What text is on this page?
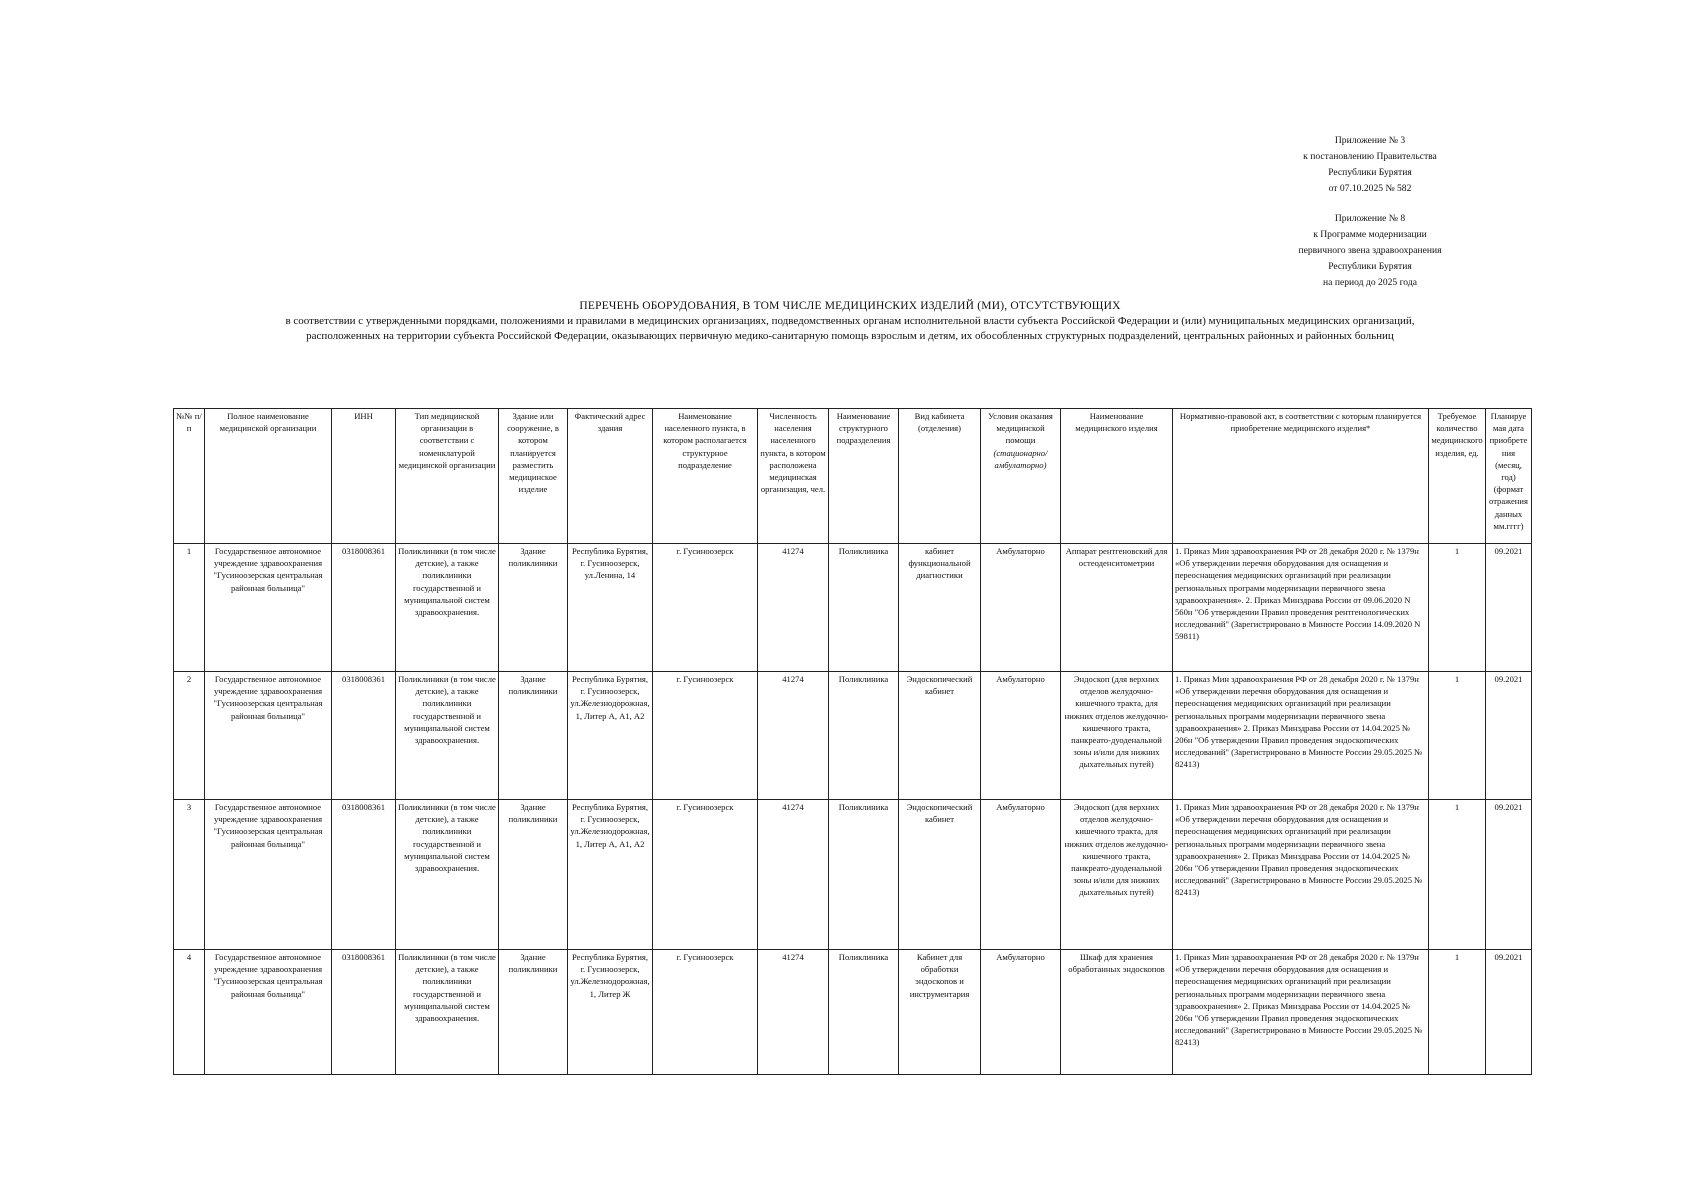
Приложение № 3
к постановлению Правительства
Республики Бурятия
от 07.10.2025 № 582
Приложение № 8
к Программе модернизации
первичного звена здравоохранения
Республики Бурятия
на период до 2025 года
ПЕРЕЧЕНЬ ОБОРУДОВАНИЯ, В ТОМ ЧИСЛЕ МЕДИЦИНСКИХ ИЗДЕЛИЙ (МИ), ОТСУТСТВУЮЩИХ
в соответствии с утвержденными порядками, положениями и правилами в медицинских организациях, подведомственных органам исполнительной власти субъекта Российской Федерации и (или) муниципальных медицинских организаций,
расположенных на территории субъекта Российской Федерации, оказывающих первичную медико-санитарную помощь взрослым и детям, их обособленных структурных подразделений, центральных районных и районных больниц
№№ п/п	Полное наименование медицинской организации	ИНН	Тип медицинской организации в соответствии с номенклатурой медицинской организации	Здание или сооружение, в котором планируется разместить медицинское изделие	Фактический адрес здания	Наименование населенного пункта, в котором располагается структурное подразделение	Численность населения населенного пункта, в котором расположена медицинская организация, чел.	Наименование структурного подразделения	Вид кабинета (отделения)	Условия оказания медицинской помощи (стационарно/амбулаторно)	Наименование медицинского изделия	Нормативно-правовой акт, в соответствии с которым планируется приобретение медицинского изделия*	Требуемое количество медицинского изделия, ед.	Планируемая дата приобретения (месяц, год) (формат отражения данных мм.гггг)
1	Государственное автономное учреждение здравоохранения "Гусиноозерская центральная районная больница"	0318008361	Поликлиники (в том числе детские), а также поликлиники государственной и муниципальной систем здравоохранения.	Здание поликлиники	Республика Бурятия, г. Гусиноозерск, ул.Ленина, 14	г. Гусиноозерск	41274	Поликлиника	кабинет функциональной диагностики	Амбулаторно	Аппарат рентгеновский для остеоденситометрии	1. Приказ Мин здравоохранения РФ от 28 декабря 2020 г. № 1379н «Об утверждении перечня оборудования для оснащения и переоснащения медицинских организаций при реализации региональных программ модернизации первичного звена здравоохранения». 2. Приказ Минздрава России от 09.06.2020 N 560н "Об утверждении Правил проведения рентгенологических исследований" (Зарегистрировано в Минюсте России 14.09.2020 N 59811)	1	09.2021
2	Государственное автономное учреждение здравоохранения "Гусиноозерская центральная районная больница"	0318008361	Поликлиники (в том числе детские), а также поликлиники государственной и муниципальной систем здравоохранения.	Здание поликлиники	Республика Бурятия, г. Гусиноозерск, ул.Железнодорожная, 1, Литер А, А1, А2	г. Гусиноозерск	41274	Поликлиника	Эндоскопический кабинет	Амбулаторно	Эндоскоп (для верхних отделов желудочно-кишечного тракта, для нижних отделов желудочно-кишечного тракта, панкреато-дуоденальной зоны и/или для нижних дыхательных путей)	1. Приказ Мин здравоохранения РФ от 28 декабря 2020 г. № 1379н «Об утверждении перечня оборудования для оснащения и переоснащения медицинских организаций при реализации региональных программ модернизации первичного звена здравоохранения» 2. Приказ Минздрава России от 14.04.2025 № 206н "Об утверждении Правил проведения эндоскопических исследований" (Зарегистрировано в Минюсте России 29.05.2025 № 82413)	1	09.2021
3	Государственное автономное учреждение здравоохранения "Гусиноозерская центральная районная больница"	0318008361	Поликлиники (в том числе детские), а также поликлиники государственной и муниципальной систем здравоохранения.	Здание поликлиники	Республика Бурятия, г. Гусиноозерск, ул.Железнодорожная, 1, Литер А, А1, А2	г. Гусиноозерск	41274	Поликлиника	Эндоскопический кабинет	Амбулаторно	Эндоскоп (для верхних отделов желудочно-кишечного тракта, для нижних отделов желудочно-кишечного тракта, панкреато-дуоденальной зоны и/или для нижних дыхательных путей)	1. Приказ Мин здравоохранения РФ от 28 декабря 2020 г. № 1379н «Об утверждении перечня оборудования для оснащения и переоснащения медицинских организаций при реализации региональных программ модернизации первичного звена здравоохранения» 2. Приказ Минздрава России от 14.04.2025 № 206н "Об утверждении Правил проведения эндоскопических исследований" (Зарегистрировано в Минюсте России 29.05.2025 № 82413)	1	09.2021
4	Государственное автономное учреждение здравоохранения "Гусиноозерская центральная районная больница"	0318008361	Поликлиники (в том числе детские), а также поликлиники государственной и муниципальной систем здравоохранения.	Здание поликлиники	Республика Бурятия, г. Гусиноозерск, ул.Железнодорожная, 1, Литер Ж	г. Гусиноозерск	41274	Поликлиника	Кабинет для обработки эндоскопов и инструментария	Амбулаторно	Шкаф для хранения обработанных эндоскопов	1. Приказ Мин здравоохранения РФ от 28 декабря 2020 г. № 1379н «Об утверждении перечня оборудования для оснащения и переоснащения медицинских организаций при реализации региональных программ модернизации первичного звена здравоохранения» 2. Приказ Минздрава России от 14.04.2025 № 206н "Об утверждении Правил проведения эндоскопических исследований" (Зарегистрировано в Минюсте России 29.05.2025 № 82413)	1	09.2021
